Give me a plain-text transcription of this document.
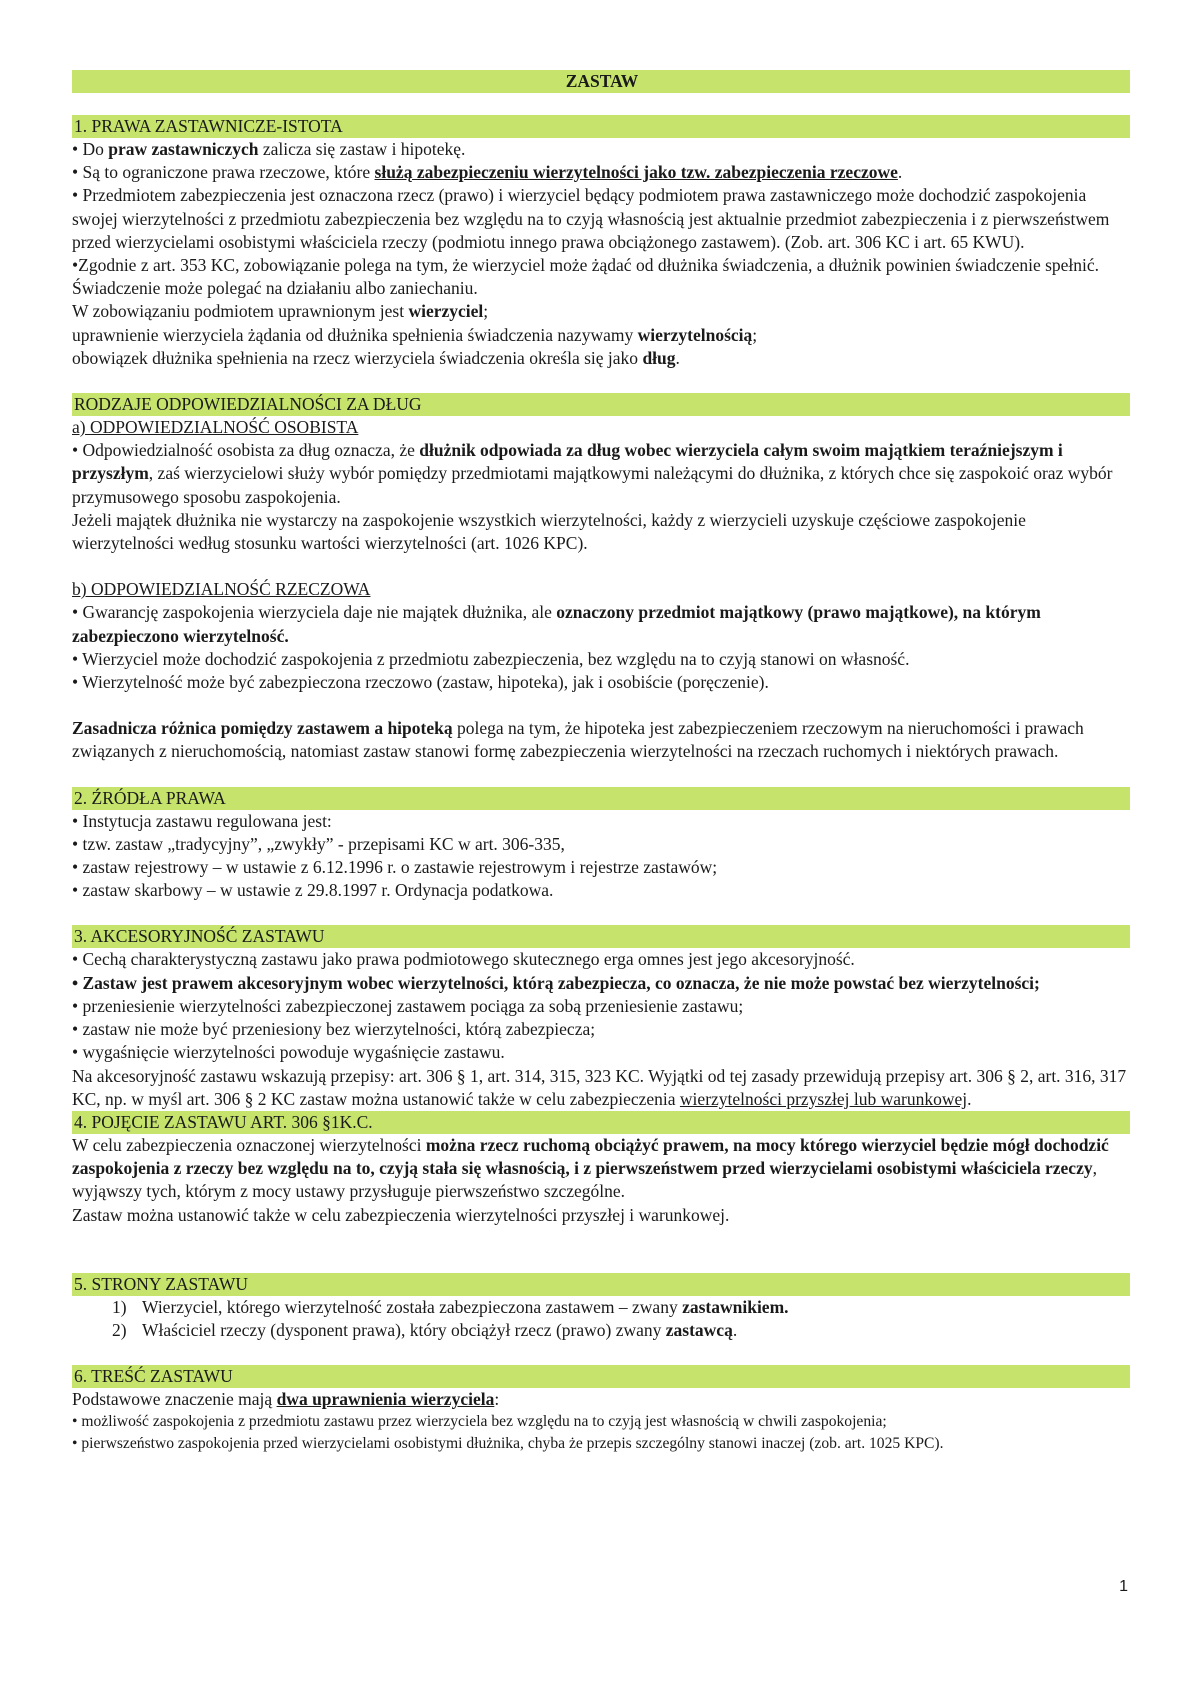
ZASTAW
1. PRAWA ZASTAWNICZE-ISTOTA

• Do praw zastawniczych zalicza się zastaw i hipotekę.

• Są to ograniczone prawa rzeczowe, które służą zabezpieczeniu wierzytelności jako tzw. zabezpieczenia rzeczowe.

• Przedmiotem zabezpieczenia jest oznaczona rzecz (prawo) i wierzyciel będący podmiotem prawa zastawniczego może dochodzić zaspokojenia swojej wierzytelności z przedmiotu zabezpieczenia bez względu na to czyją własnością jest aktualnie przedmiot zabezpieczenia i z pierwszeństwem przed wierzycielami osobistymi właściciela rzeczy (podmiotu innego prawa obciążonego zastawem). (Zob. art. 306 KC i art. 65 KWU).

•Zgodnie z art. 353 KC, zobowiązanie polega na tym, że wierzyciel może żądać od dłużnika świadczenia, a dłużnik powinien świadczenie spełnić. Świadczenie może polegać na działaniu albo zaniechaniu.

W zobowiązaniu podmiotem uprawnionym jest wierzyciel;

uprawnienie wierzyciela żądania od dłużnika spełnienia świadczenia nazywamy wierzytelnością;

obowiązek dłużnika spełnienia na rzecz wierzyciela świadczenia określa się jako dług.

RODZAJE ODPOWIEDZIALNOŚCI ZA DŁUG

a) ODPOWIEDZIALNOŚĆ OSOBISTA

• Odpowiedzialność osobista za dług oznacza, że dłużnik odpowiada za dług wobec wierzyciela całym swoim majątkiem teraźniejszym i przyszłym, zaś wierzycielowi służy wybór pomiędzy przedmiotami majątkowymi należącymi do dłużnika, z których chce się zaspokoić oraz wybór przymusowego sposobu zaspokojenia.

Jeżeli majątek dłużnika nie wystarczy na zaspokojenie wszystkich wierzytelności, każdy z wierzycieli uzyskuje częściowe zaspokojenie wierzytelności według stosunku wartości wierzytelności (art. 1026 KPC).

b) ODPOWIEDZIALNOŚĆ RZECZOWA

• Gwarancję zaspokojenia wierzyciela daje nie majątek dłużnika, ale oznaczony przedmiot majątkowy (prawo majątkowe), na którym zabezpieczono wierzytelność.

• Wierzyciel może dochodzić zaspokojenia z przedmiotu zabezpieczenia, bez względu na to czyją stanowi on własność.

• Wierzytelność może być zabezpieczona rzeczowo (zastaw, hipoteka), jak i osobiście (poręczenie).

Zasadnicza różnica pomiędzy zastawem a hipoteką polega na tym, że hipoteka jest zabezpieczeniem rzeczowym na nieruchomości i prawach związanych z nieruchomością, natomiast zastaw stanowi formę zabezpieczenia wierzytelności na rzeczach ruchomych i niektórych prawach.

2. ŹRÓDŁA PRAWA

• Instytucja zastawu regulowana jest:

• tzw. zastaw „tradycyjny”, „zwykły” - przepisami KC w art. 306-335,

• zastaw rejestrowy – w ustawie z 6.12.1996 r. o zastawie rejestrowym i rejestrze zastawów;

• zastaw skarbowy – w ustawie z 29.8.1997 r. Ordynacja podatkowa.

3. AKCESORYJNOŚĆ ZASTAWU

• Cechą charakterystyczną zastawu jako prawa podmiotowego skutecznego erga omnes jest jego akcesoryjność.

• Zastaw jest prawem akcesoryjnym wobec wierzytelności, którą zabezpiecza, co oznacza, że nie może powstać bez wierzytelności;

• przeniesienie wierzytelności zabezpieczonej zastawem pociąga za sobą przeniesienie zastawu;

• zastaw nie może być przeniesiony bez wierzytelności, którą zabezpiecza;

• wygaśnięcie wierzytelności powoduje wygaśnięcie zastawu.

Na akcesoryjność zastawu wskazują przepisy: art. 306 § 1, art. 314, 315, 323 KC. Wyjątki od tej zasady przewidują przepisy art. 306 § 2, art. 316, 317 KC, np. w myśl art. 306 § 2 KC zastaw można ustanowić także w celu zabezpieczenia wierzytelności przyszłej lub warunkowej.

4. POJĘCIE ZASTAWU ART. 306 §1K.C.

W celu zabezpieczenia oznaczonej wierzytelności można rzecz ruchomą obciążyć prawem, na mocy którego wierzyciel będzie mógł dochodzić zaspokojenia z rzeczy bez względu na to, czyją stała się własnością, i z pierwszeństwem przed wierzycielami osobistymi właściciela rzeczy, wyjąwszy tych, którym z mocy ustawy przysługuje pierwszeństwo szczególne.

Zastaw można ustanowić także w celu zabezpieczenia wierzytelności przyszłej i warunkowej.

5. STRONY ZASTAWU
1) Wierzyciel, którego wierzytelność została zabezpieczona zastawem – zwany zastawnikiem.
2) Właściciel rzeczy (dysponent prawa), który obciążył rzecz (prawo) zwany zastawcą.
6. TREŚĆ ZASTAWU

Podstawowe znaczenie mają dwa uprawnienia wierzyciela:

• możliwość zaspokojenia z przedmiotu zastawu przez wierzyciela bez względu na to czyją jest własnością w chwili zaspokojenia;

• pierwszeństwo zaspokojenia przed wierzycielami osobistymi dłużnika, chyba że przepis szczególny stanowi inaczej (zob. art. 1025 KPC).

1
